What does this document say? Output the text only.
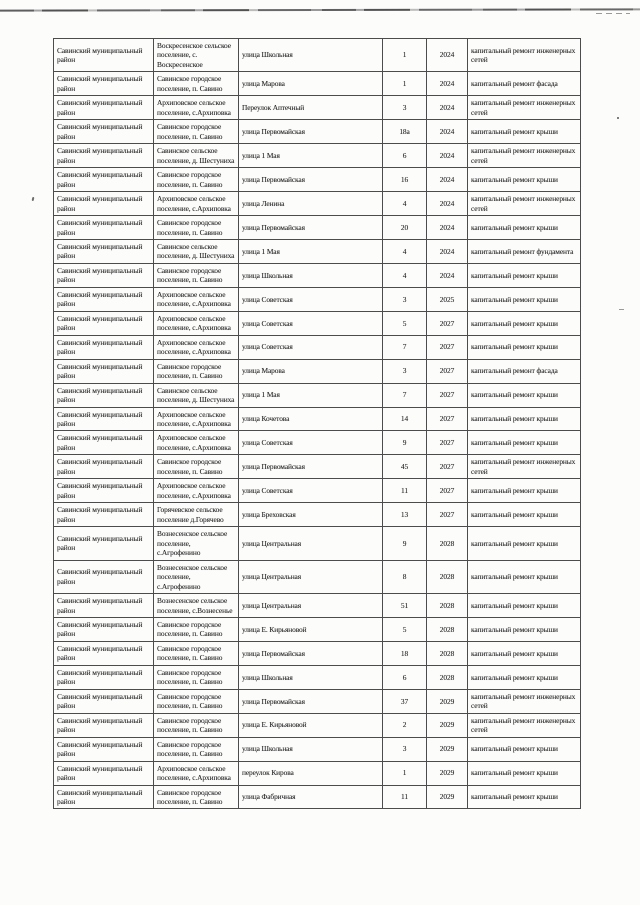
Савинский муниципальный район	Воскресенское сельское поселение, с. Воскресенское	улица Школьная	1	2024	капитальный ремонт инженерных сетей
Савинский муниципальный район	Савинское городское поселение, п. Савино	улица Марова	1	2024	капитальный ремонт фасада
Савинский муниципальный район	Архиповское сельское поселение, с.Архиповка	Переулок Аптечный	3	2024	капитальный ремонт инженерных сетей
Савинский муниципальный район	Савинское городское поселение, п. Савино	улица Первомайская	18а	2024	капитальный ремонт крыши
Савинский муниципальный район	Савинское сельское поселение, д. Шестуниха	улица 1 Мая	6	2024	капитальный ремонт инженерных сетей
Савинский муниципальный район	Савинское городское поселение, п. Савино	улица Первомайская	16	2024	капитальный ремонт крыши
Савинский муниципальный район	Архиповское сельское поселение, с.Архиповка	улица Ленина	4	2024	капитальный ремонт инженерных сетей
Савинский муниципальный район	Савинское городское поселение, п. Савино	улица Первомайская	20	2024	капитальный ремонт крыши
Савинский муниципальный район	Савинское сельское поселение, д. Шестуниха	улица 1 Мая	4	2024	капитальный ремонт фундамента
Савинский муниципальный район	Савинское городское поселение, п. Савино	улица Школьная	4	2024	капитальный ремонт крыши
Савинский муниципальный район	Архиповское сельское поселение, с.Архиповка	улица Советская	3	2025	капитальный ремонт крыши
Савинский муниципальный район	Архиповское сельское поселение, с.Архиповка	улица Советская	5	2027	капитальный ремонт крыши
Савинский муниципальный район	Архиповское сельское поселение, с.Архиповка	улица Советская	7	2027	капитальный ремонт крыши
Савинский муниципальный район	Савинское городское поселение, п. Савино	улица Марова	3	2027	капитальный ремонт фасада
Савинский муниципальный район	Савинское сельское поселение, д. Шестуниха	улица 1 Мая	7	2027	капитальный ремонт крыши
Савинский муниципальный район	Архиповское сельское поселение, с.Архиповка	улица Кочетова	14	2027	капитальный ремонт крыши
Савинский муниципальный район	Архиповское сельское поселение, с.Архиповка	улица Советская	9	2027	капитальный ремонт крыши
Савинский муниципальный район	Савинское городское поселение, п. Савино	улица Первомайская	45	2027	капитальный ремонт инженерных сетей
Савинский муниципальный район	Архиповское сельское поселение, с.Архиповка	улица Советская	11	2027	капитальный ремонт крыши
Савинский муниципальный район	Горячевское сельское поселение д.Горячево	улица Бреховская	13	2027	капитальный ремонт крыши
Савинский муниципальный район	Вознесенское сельское поселение, с.Агрофенино	улица Центральная	9	2028	капитальный ремонт крыши
Савинский муниципальный район	Вознесенское сельское поселение, с.Агрофенино	улица Центральная	8	2028	капитальный ремонт крыши
Савинский муниципальный район	Вознесенское сельское поселение, с.Вознесенье	улица Центральная	51	2028	капитальный ремонт крыши
Савинский муниципальный район	Савинское городское поселение, п. Савино	улица Е. Кирьяновой	5	2028	капитальный ремонт крыши
Савинский муниципальный район	Савинское городское поселение, п. Савино	улица Первомайская	18	2028	капитальный ремонт крыши
Савинский муниципальный район	Савинское городское поселение, п. Савино	улица Школьная	6	2028	капитальный ремонт крыши
Савинский муниципальный район	Савинское городское поселение, п. Савино	улица Первомайская	37	2029	капитальный ремонт инженерных сетей
Савинский муниципальный район	Савинское городское поселение, п. Савино	улица Е. Кирьяновой	2	2029	капитальный ремонт инженерных сетей
Савинский муниципальный район	Савинское городское поселение, п. Савино	улица Школьная	3	2029	капитальный ремонт крыши
Савинский муниципальный район	Архиповское сельское поселение, с.Архиповка	переулок Кирова	1	2029	капитальный ремонт крыши
Савинский муниципальный район	Савинское городское поселение, п. Савино	улица Фабричная	11	2029	капитальный ремонт крыши
